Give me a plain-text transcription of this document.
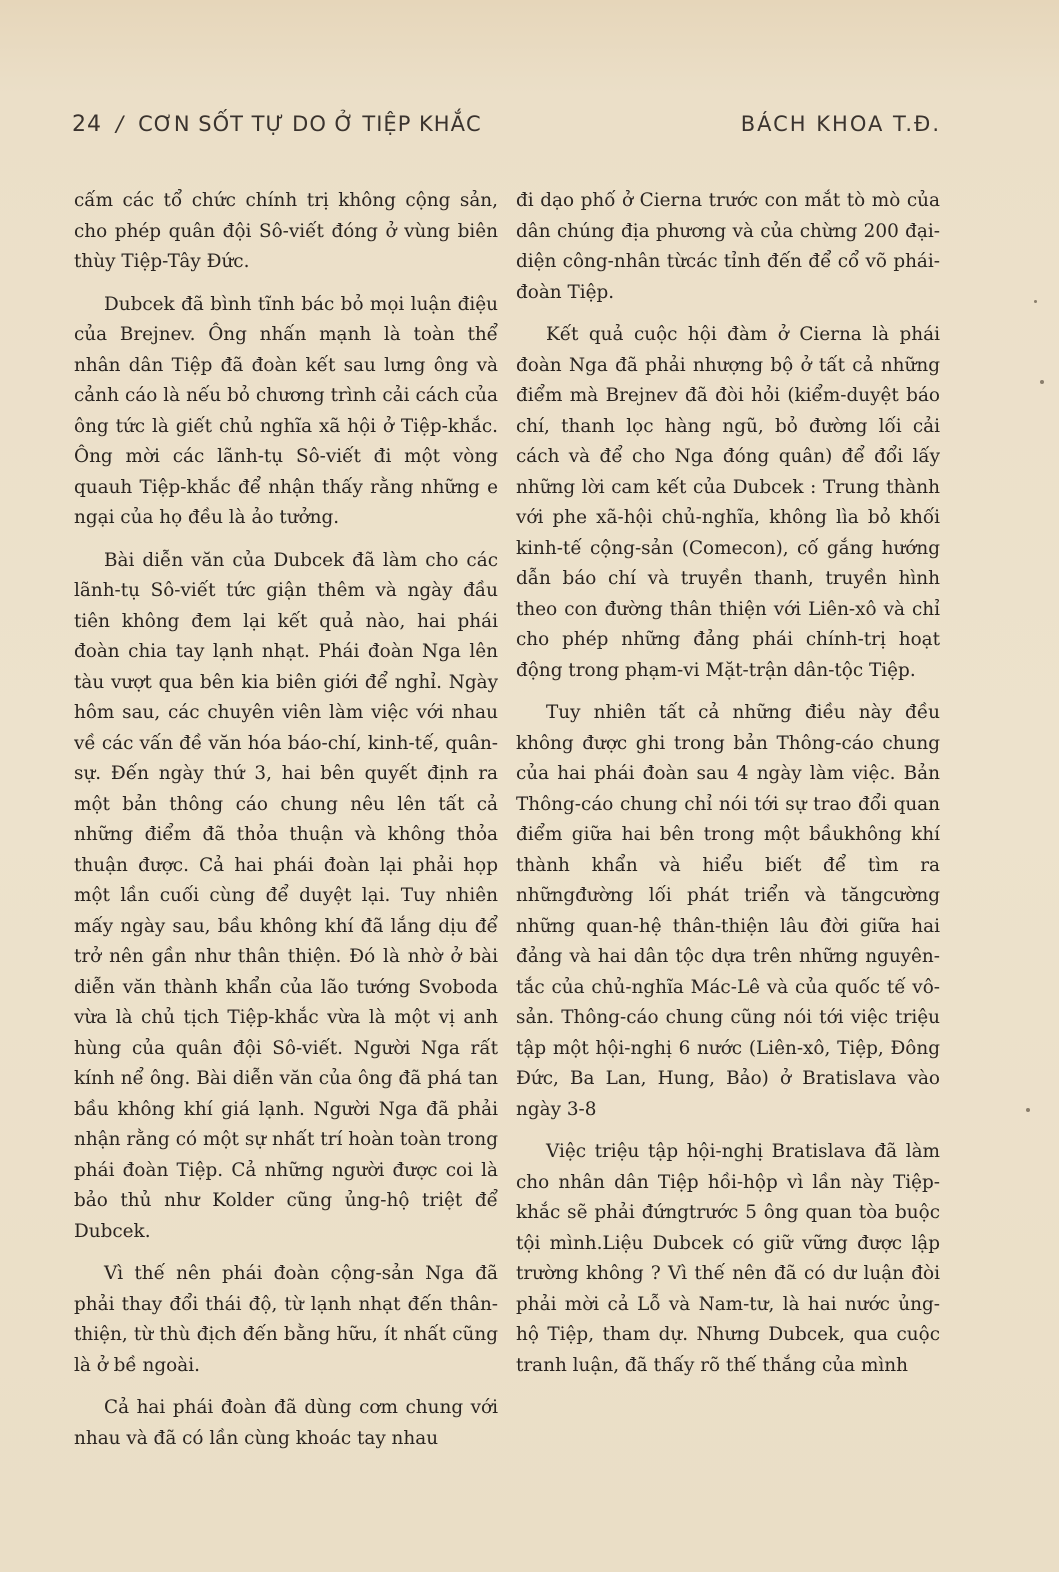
24 / CƠN SỐT TỰ DO Ở TIỆP KHẮC	BÁCH KHOA T.Đ.

cấm các tổ chức chính trị không cộng sản, cho phép quân đội Sô-viết đóng ở vùng biên thùy Tiệp-Tây Đức.

Dubcek đã bình tĩnh bác bỏ mọi luận điệu của Brejnev. Ông nhấn mạnh là toàn thể nhân dân Tiệp đã đoàn kết sau lưng ông và cảnh cáo là nếu bỏ chương trình cải cách của ông tức là giết chủ nghĩa xã hội ở Tiệp-khắc. Ông mời các lãnh-tụ Sô-viết đi một vòng quauh Tiệp-khắc để nhận thấy rằng những e ngại của họ đều là ảo tưởng.

Bài diễn văn của Dubcek đã làm cho các lãnh-tụ Sô-viết tức giận thêm và ngày đầu tiên không đem lại kết quả nào, hai phái đoàn chia tay lạnh nhạt. Phái đoàn Nga lên tàu vượt qua bên kia biên giới để nghỉ. Ngày hôm sau, các chuyên viên làm việc với nhau về các vấn đề văn hóa báo-chí, kinh-tế, quân-sự. Đến ngày thứ 3, hai bên quyết định ra một bản thông cáo chung nêu lên tất cả những điểm đã thỏa thuận và không thỏa thuận được. Cả hai phái đoàn lại phải họp một lần cuối cùng để duyệt lại. Tuy nhiên mấy ngày sau, bầu không khí đã lắng dịu để trở nên gần như thân thiện. Đó là nhờ ở bài diễn văn thành khẩn của lão tướng Svoboda vừa là chủ tịch Tiệp-khắc vừa là một vị anh hùng của quân đội Sô-viết. Người Nga rất kính nể ông. Bài diễn văn của ông đã phá tan bầu không khí giá lạnh. Người Nga đã phải nhận rằng có một sự nhất trí hoàn toàn trong phái đoàn Tiệp. Cả những người được coi là bảo thủ như Kolder cũng ủng-hộ triệt để Dubcek.

Vì thế nên phái đoàn cộng-sản Nga đã phải thay đổi thái độ, từ lạnh nhạt đến thân-thiện, từ thù địch đến bằng hữu, ít nhất cũng là ở bề ngoài.

Cả hai phái đoàn đã dùng cơm chung với nhau và đã có lần cùng khoác tay nhau

đi dạo phố ở Cierna trước con mắt tò mò của dân chúng địa phương và của chừng 200 đại-diện công-nhân từcác tỉnh đến để cổ võ phái-đoàn Tiệp.

Kết quả cuộc hội đàm ở Cierna là phái đoàn Nga đã phải nhượng bộ ở tất cả những điểm mà Brejnev đã đòi hỏi (kiểm-duyệt báo chí, thanh lọc hàng ngũ, bỏ đường lối cải cách và để cho Nga đóng quân) để đổi lấy những lời cam kết của Dubcek : Trung thành với phe xã-hội chủ-nghĩa, không lìa bỏ khối kinh-tế cộng-sản (Comecon), cố gắng hướng dẫn báo chí và truyền thanh, truyền hình theo con đường thân thiện với Liên-xô và chỉ cho phép những đảng phái chính-trị hoạt động trong phạm-vi Mặt-trận dân-tộc Tiệp.

Tuy nhiên tất cả những điều này đều không được ghi trong bản Thông-cáo chung của hai phái đoàn sau 4 ngày làm việc. Bản Thông-cáo chung chỉ nói tới sự trao đổi quan điểm giữa hai bên trong một bầukhông khí thành khẩn và hiểu biết để tìm ra nhữngđường lối phát triển và tăngcường những quan-hệ thân-thiện lâu đời giữa hai đảng và hai dân tộc dựa trên những nguyên-tắc của chủ-nghĩa Mác-Lê và của quốc tế vô-sản. Thông-cáo chung cũng nói tới việc triệu tập một hội-nghị 6 nước (Liên-xô, Tiệp, Đông Đức, Ba Lan, Hung, Bảo) ở Bratislava vào ngày 3-8

Việc triệu tập hội-nghị Bratislava đã làm cho nhân dân Tiệp hồi-hộp vì lần này Tiệp-khắc sẽ phải đứngtrước 5 ông quan tòa buộc tội mình.Liệu Dubcek có giữ vững được lập trường không ? Vì thế nên đã có dư luận đòi phải mời cả Lỗ và Nam-tư, là hai nước ủng-hộ Tiệp, tham dự. Nhưng Dubcek, qua cuộc tranh luận, đã thấy rõ thế thắng của mình
